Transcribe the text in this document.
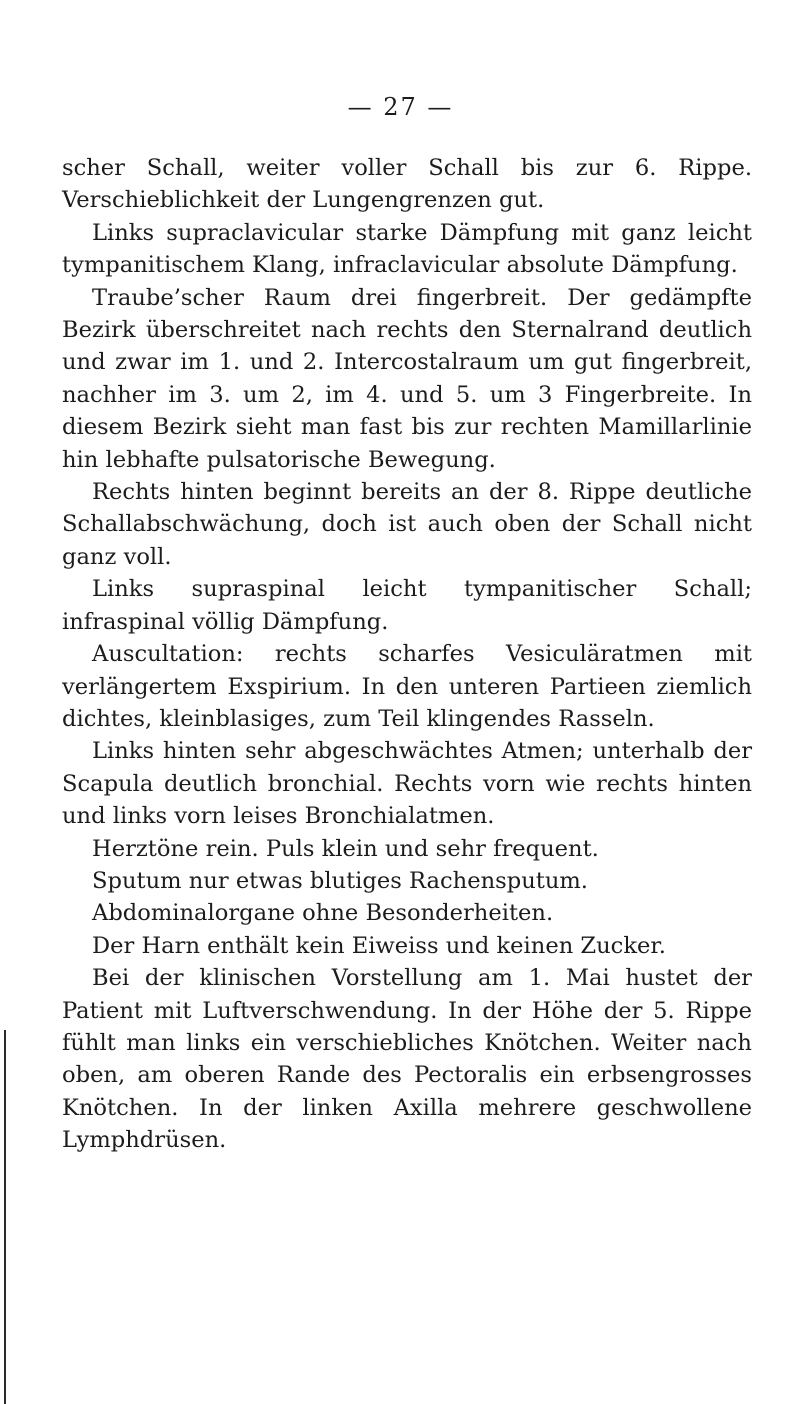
— 27 —

scher Schall, weiter voller Schall bis zur 6. Rippe. Verschieblichkeit der Lungengrenzen gut.

Links supraclavicular starke Dämpfung mit ganz leicht tympanitischem Klang, infraclavicular absolute Dämpfung.

Traube’scher Raum drei fingerbreit. Der gedämpfte Bezirk überschreitet nach rechts den Sternalrand deutlich und zwar im 1. und 2. Intercostalraum um gut fingerbreit, nachher im 3. um 2, im 4. und 5. um 3 Fingerbreite. In diesem Bezirk sieht man fast bis zur rechten Mamillarlinie hin lebhafte pulsatorische Bewegung.

Rechts hinten beginnt bereits an der 8. Rippe deutliche Schallabschwächung, doch ist auch oben der Schall nicht ganz voll.

Links supraspinal leicht tympanitischer Schall; infraspinal völlig Dämpfung.

Auscultation: rechts scharfes Vesiculäratmen mit verlängertem Exspirium. In den unteren Partieen ziemlich dichtes, kleinblasiges, zum Teil klingendes Rasseln.

Links hinten sehr abgeschwächtes Atmen; unterhalb der Scapula deutlich bronchial. Rechts vorn wie rechts hinten und links vorn leises Bronchialatmen.

Herztöne rein. Puls klein und sehr frequent.

Sputum nur etwas blutiges Rachensputum.

Abdominalorgane ohne Besonderheiten.

Der Harn enthält kein Eiweiss und keinen Zucker.

Bei der klinischen Vorstellung am 1. Mai hustet der Patient mit Luftverschwendung. In der Höhe der 5. Rippe fühlt man links ein verschiebliches Knötchen. Weiter nach oben, am oberen Rande des Pectoralis ein erbsengrosses Knötchen. In der linken Axilla mehrere geschwollene Lymphdrüsen.
